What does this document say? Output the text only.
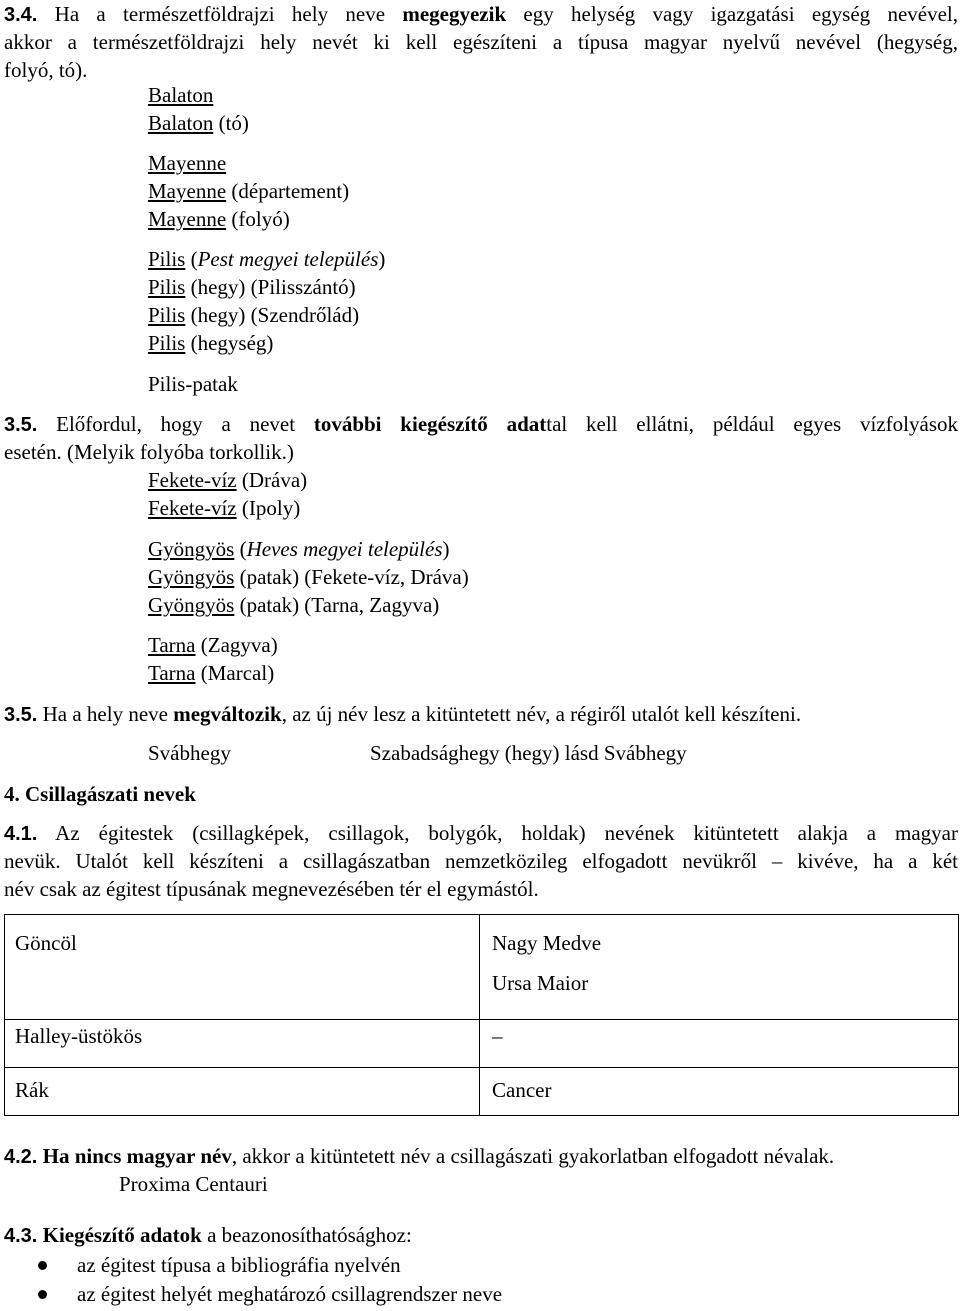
3.4. Ha a természetföldrajzi hely neve megegyezik egy helység vagy igazgatási egység nevével,
akkor a természetföldrajzi hely nevét ki kell egészíteni a típusa magyar nyelvű nevével (hegység,
folyó, tó).
Balaton
Balaton (tó)
Mayenne
Mayenne (département)
Mayenne (folyó)
Pilis (Pest megyei település)
Pilis (hegy) (Pilisszántó)
Pilis (hegy) (Szendrőlád)
Pilis (hegység)
Pilis-patak
3.5. Előfordul, hogy a nevet további kiegészítő adattal kell ellátni, például egyes vízfolyások
esetén. (Melyik folyóba torkollik.)
Fekete-víz (Dráva)
Fekete-víz (Ipoly)
Gyöngyös (Heves megyei település)
Gyöngyös (patak) (Fekete-víz, Dráva)
Gyöngyös (patak) (Tarna, Zagyva)
Tarna (Zagyva)
Tarna (Marcal)
3.5. Ha a hely neve megváltozik, az új név lesz a kitüntetett név, a régiről utalót kell készíteni.
Svábhegy	Szabadsághegy (hegy) lásd Svábhegy
4. Csillagászati nevek
4.1. Az égitestek (csillagképek, csillagok, bolygók, holdak) nevének kitüntetett alakja a magyar
nevük. Utalót kell készíteni a csillagászatban nemzetközileg elfogadott nevükről – kivéve, ha a két
név csak az égitest típusának megnevezésében tér el egymástól.
Göncöl	Nagy Medve
Ursa Maior
Halley-üstökös	–
Rák	Cancer
4.2. Ha nincs magyar név, akkor a kitüntetett név a csillagászati gyakorlatban elfogadott névalak.
Proxima Centauri
4.3. Kiegészítő adatok a beazonosíthatósághoz:
az égitest típusa a bibliográfia nyelvén
az égitest helyét meghatározó csillagrendszer neve
